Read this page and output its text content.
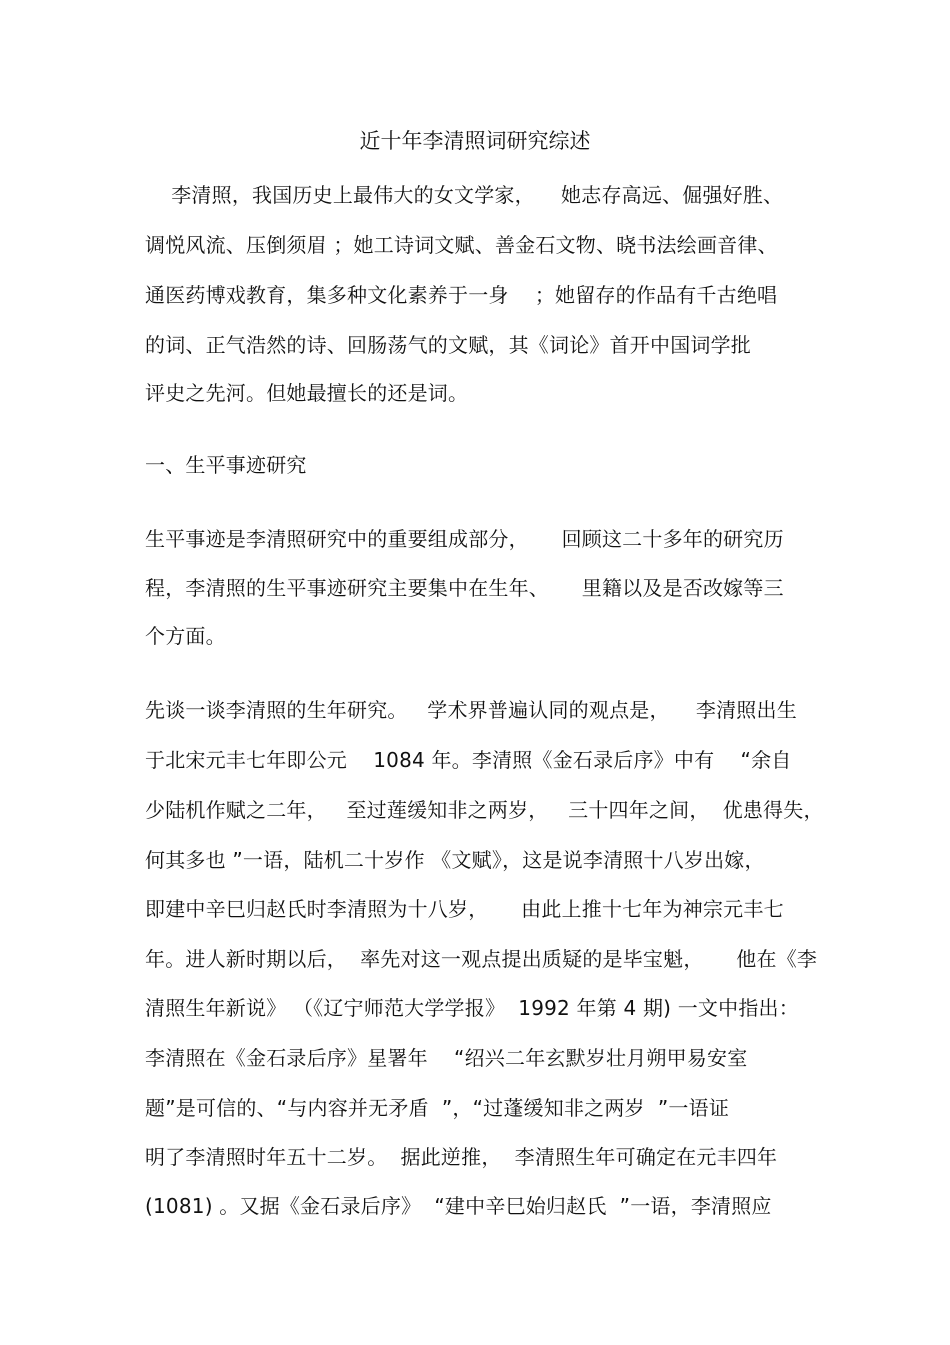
近十年李清照词研究综述
李清照，我国历史上最伟大的女文学家，    她志存高远、倔强好胜、
调悦风流、压倒须眉 ；她工诗词文赋、善金石文物、晓书法绘画音律、
通医药博戏教育，集多种文化素养于一身    ；她留存的作品有千古绝唱
的词、正气浩然的诗、回肠荡气的文赋，其《词论》首开中国词学批
评史之先河。但她最擅长的还是词。
一、生平事迹研究
生平事迹是李清照研究中的重要组成部分，     回顾这二十多年的研究历
程，李清照的生平事迹研究主要集中在生年、     里籍以及是否改嫁等三
个方面。
先谈一谈李清照的生年研究。   学术界普遍认同的观点是，    李清照出生
于北宋元丰七年即公元    1084 年。李清照《金石录后序》中有    “余自
少陆机作赋之二年，   至过莲缓知非之两岁，   三十四年之间，  优患得失，
何其多也 ”一语，陆机二十岁作 《文赋》，这是说李清照十八岁出嫁，
即建中辛巳归赵氏时李清照为十八岁，     由此上推十七年为神宗元丰七
年。进人新时期以后，  率先对这一观点提出质疑的是毕宝魁，     他在《李
清照生年新说》 （《辽宁师范大学学报》  1992 年第 4 期) 一文中指出：
李清照在《金石录后序》星署年    “绍兴二年玄默岁壮月朔甲易安室
题”是可信的、“与内容并无矛盾  ”，“过蓬缓知非之两岁  ”一语证
明了李清照时年五十二岁。  据此逆推，  李清照生年可确定在元丰四年
(1081) 。又据《金石录后序》  “建中辛巳始归赵氏  ”一语，李清照应
